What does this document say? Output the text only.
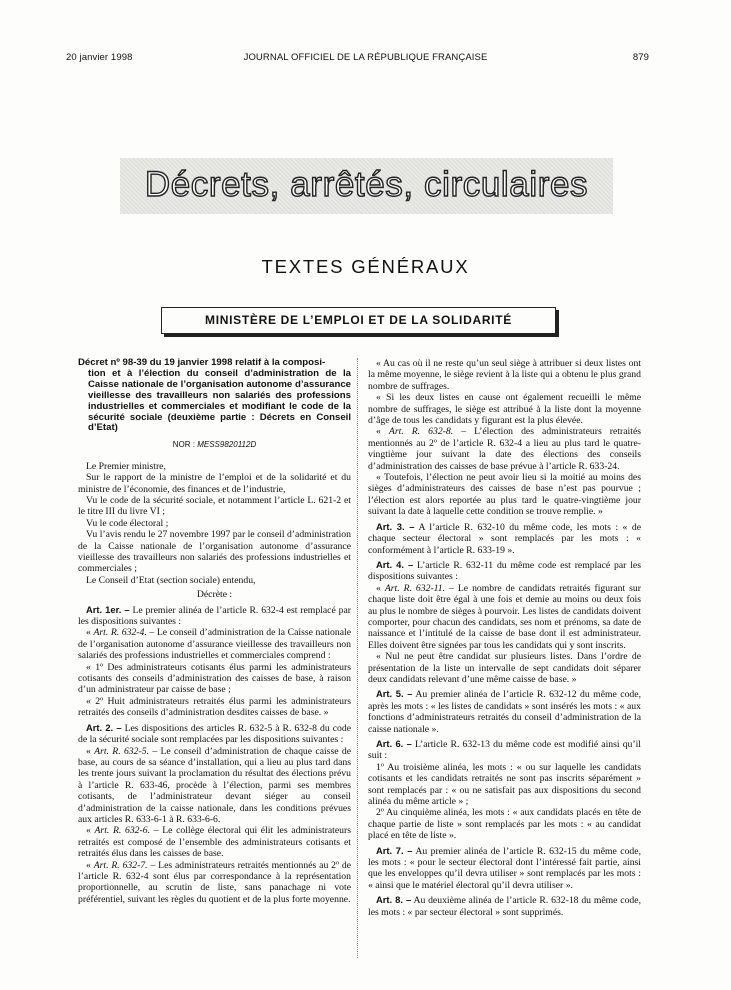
20 janvier 1998	JOURNAL OFFICIEL DE LA RÉPUBLIQUE FRANÇAISE	879
Décrets, arrêtés, circulaires
TEXTES GÉNÉRAUX
MINISTÈRE DE L’EMPLOI ET DE LA SOLIDARITÉ

Décret nº 98-39 du 19 janvier 1998 relatif à la composi-
tion et à l’élection du conseil d’administration de la Caisse nationale de l’organisation autonome d’assurance vieillesse des travailleurs non salariés des professions industrielles et commerciales et modifiant le code de la sécurité sociale (deuxième partie : Décrets en Conseil d’Etat)

NOR : MESS9820112D

Le Premier ministre,

Sur le rapport de la ministre de l’emploi et de la solidarité et du ministre de l’économie, des finances et de l’industrie,

Vu le code de la sécurité sociale, et notamment l’article L. 621-2 et le titre III du livre VI ;

Vu le code électoral ;

Vu l’avis rendu le 27 novembre 1997 par le conseil d’administration de la Caisse nationale de l’organisation autonome d’assurance vieillesse des travailleurs non salariés des professions industrielles et commerciales ;

Le Conseil d’Etat (section sociale) entendu,

Décrète :

Art. 1er. – Le premier alinéa de l’article R. 632-4 est remplacé par les dispositions suivantes :

« Art. R. 632-4. – Le conseil d’administration de la Caisse nationale de l’organisation autonome d’assurance vieillesse des travailleurs non salariés des professions industrielles et commerciales comprend :

« 1º Des administrateurs cotisants élus parmi les administrateurs cotisants des conseils d’administration des caisses de base, à raison d’un administrateur par caisse de base ;

« 2º Huit administrateurs retraités élus parmi les administrateurs retraités des conseils d’administration desdites caisses de base. »

Art. 2. – Les dispositions des articles R. 632-5 à R. 632-8 du code de la sécurité sociale sont remplacées par les dispositions suivantes :

« Art. R. 632-5. – Le conseil d’administration de chaque caisse de base, au cours de sa séance d’installation, qui a lieu au plus tard dans les trente jours suivant la proclamation du résultat des élections prévu à l’article R. 633-46, procède à l’élection, parmi ses membres cotisants, de l’administrateur devant siéger au conseil d’administration de la caisse nationale, dans les conditions prévues aux articles R. 633-6-1 à R. 633-6-6.

« Art. R. 632-6. – Le collège électoral qui élit les administrateurs retraités est composé de l’ensemble des administrateurs cotisants et retraités élus dans les caisses de base.

« Art. R. 632-7. – Les administrateurs retraités mentionnés au 2º de l’article R. 632-4 sont élus par correspondance à la représentation proportionnelle, au scrutin de liste, sans panachage ni vote préférentiel, suivant les règles du quotient et de la plus forte moyenne.

« Au cas où il ne reste qu’un seul siège à attribuer si deux listes ont la même moyenne, le siège revient à la liste qui a obtenu le plus grand nombre de suffrages.

« Si les deux listes en cause ont également recueilli le même nombre de suffrages, le siège est attribué à la liste dont la moyenne d’âge de tous les candidats y figurant est la plus élevée.

« Art. R. 632-8. – L’élection des administrateurs retraités mentionnés au 2º de l’article R. 632-4 a lieu au plus tard le quatre-vingtième jour suivant la date des élections des conseils d’administration des caisses de base prévue à l’article R. 633-24.

« Toutefois, l’élection ne peut avoir lieu si la moitié au moins des sièges d’administrateurs des caisses de base n’est pas pourvue ; l’élection est alors reportée au plus tard le quatre-vingtième jour suivant la date à laquelle cette condition se trouve remplie. »

Art. 3. – A l’article R. 632-10 du même code, les mots : « de chaque secteur électoral » sont remplacés par les mots : « conformément à l’article R. 633-19 ».

Art. 4. – L’article R. 632-11 du même code est remplacé par les dispositions suivantes :

« Art. R. 632-11. – Le nombre de candidats retraités figurant sur chaque liste doit être égal à une fois et demie au moins ou deux fois au plus le nombre de sièges à pourvoir. Les listes de candidats doivent comporter, pour chacun des candidats, ses nom et prénoms, sa date de naissance et l’intitulé de la caisse de base dont il est administrateur. Elles doivent être signées par tous les candidats qui y sont inscrits.

« Nul ne peut être candidat sur plusieurs listes. Dans l’ordre de présentation de la liste un intervalle de sept candidats doit séparer deux candidats relevant d’une même caisse de base. »

Art. 5. – Au premier alinéa de l’article R. 632-12 du même code, après les mots : « les listes de candidats » sont insérés les mots : « aux fonctions d’administrateurs retraités du conseil d’administration de la caisse nationale ».

Art. 6. – L’article R. 632-13 du même code est modifié ainsi qu’il suit :

1º Au troisième alinéa, les mots : « ou sur laquelle les candidats cotisants et les candidats retraités ne sont pas inscrits séparément » sont remplacés par : « ou ne satisfait pas aux dispositions du second alinéa du même article » ;

2º Au cinquième alinéa, les mots : « aux candidats placés en tête de chaque partie de liste » sont remplacés par les mots : « au candidat placé en tête de liste ».

Art. 7. – Au premier alinéa de l’article R. 632-15 du même code, les mots : « pour le secteur électoral dont l’intéressé fait partie, ainsi que les enveloppes qu’il devra utiliser » sont remplacés par les mots : « ainsi que le matériel électoral qu’il devra utiliser ».

Art. 8. – Au deuxième alinéa de l’article R. 632-18 du même code, les mots : « par secteur électoral » sont supprimés.
